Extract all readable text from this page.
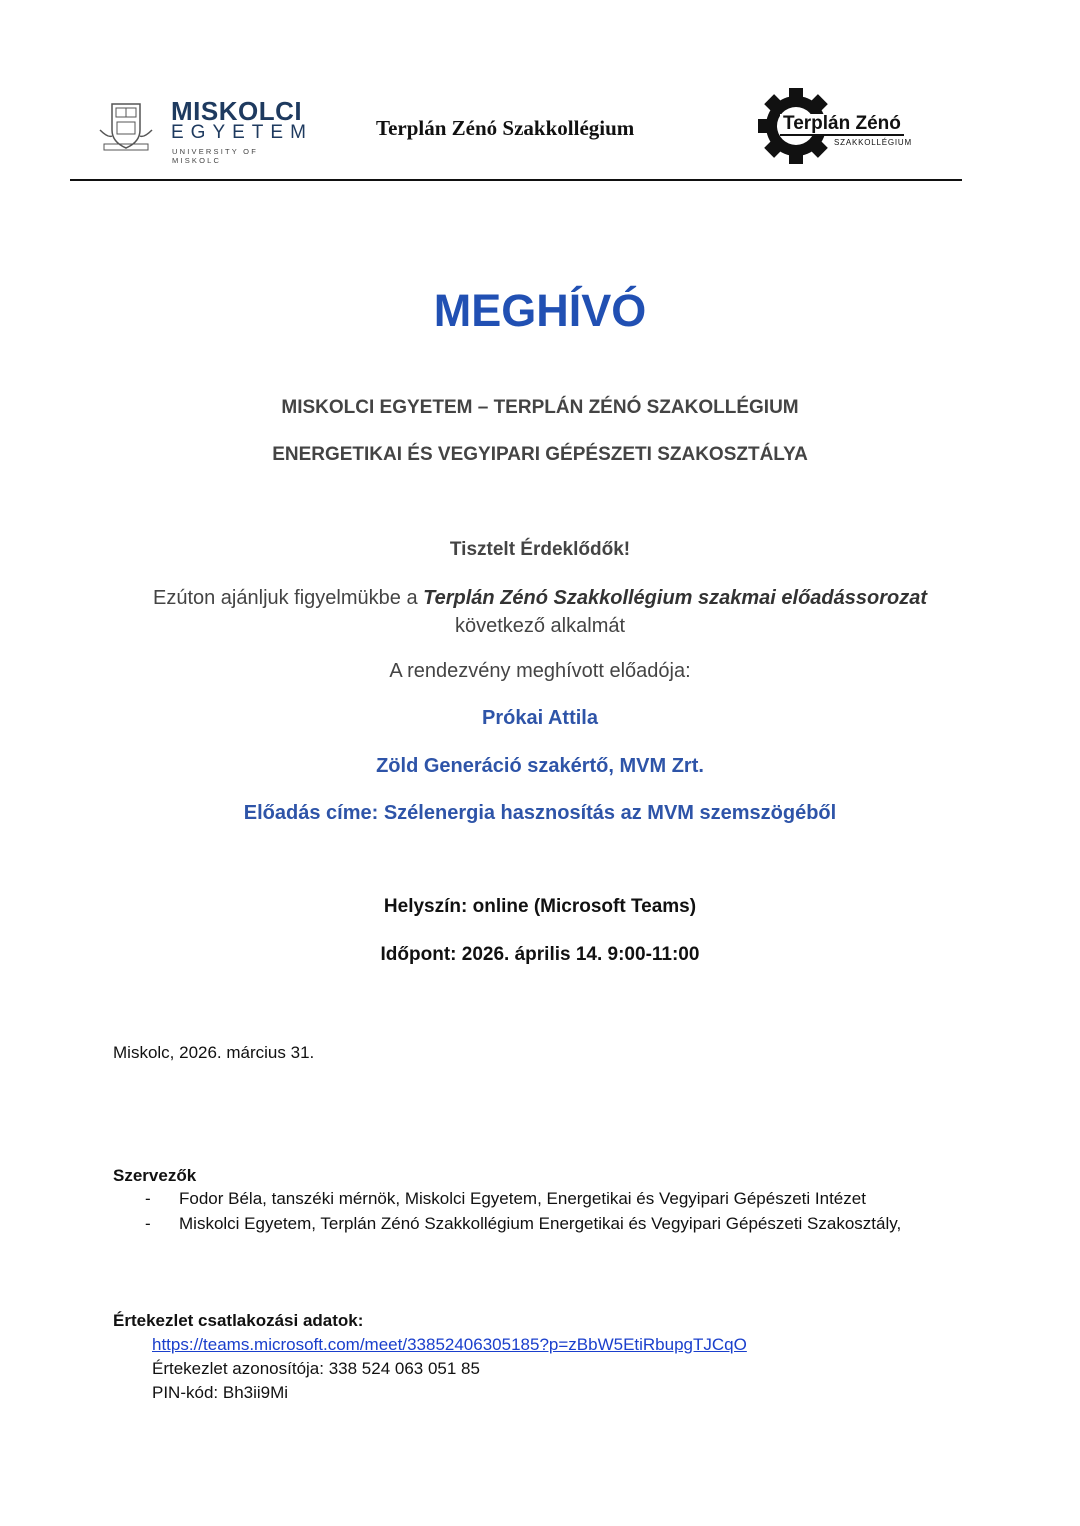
MISKOLCI
EGYETEM
UNIVERSITY OF MISKOLC
Terplán Zénó Szakkollégium	Terplán Zénó
SZAKKOLLÉGIUM
MEGHÍVÓ
MISKOLCI EGYETEM – TERPLÁN ZÉNÓ SZAKOLLÉGIUM
ENERGETIKAI ÉS VEGYIPARI GÉPÉSZETI SZAKOSZTÁLYA
Tisztelt Érdeklődők!
Ezúton ajánljuk figyelmükbe a Terplán Zénó Szakkollégium szakmai előadássorozat
következő alkalmát
A rendezvény meghívott előadója:
Prókai Attila
Zöld Generáció szakértő, MVM Zrt.
Előadás címe: Szélenergia hasznosítás az MVM szemszögéből
Helyszín: online (Microsoft Teams)
Időpont: 2026. április 14. 9:00-11:00
Miskolc, 2026. március 31.
Szervezők
- Fodor Béla, tanszéki mérnök, Miskolci Egyetem, Energetikai és Vegyipari Gépészeti Intézet
- Miskolci Egyetem, Terplán Zénó Szakkollégium Energetikai és Vegyipari Gépészeti Szakosztály,
Értekezlet csatlakozási adatok:
https://teams.microsoft.com/meet/33852406305185?p=zBbW5EtiRbupgTJCqO
Értekezlet azonosítója: 338 524 063 051 85
PIN-kód: Bh3ii9Mi
